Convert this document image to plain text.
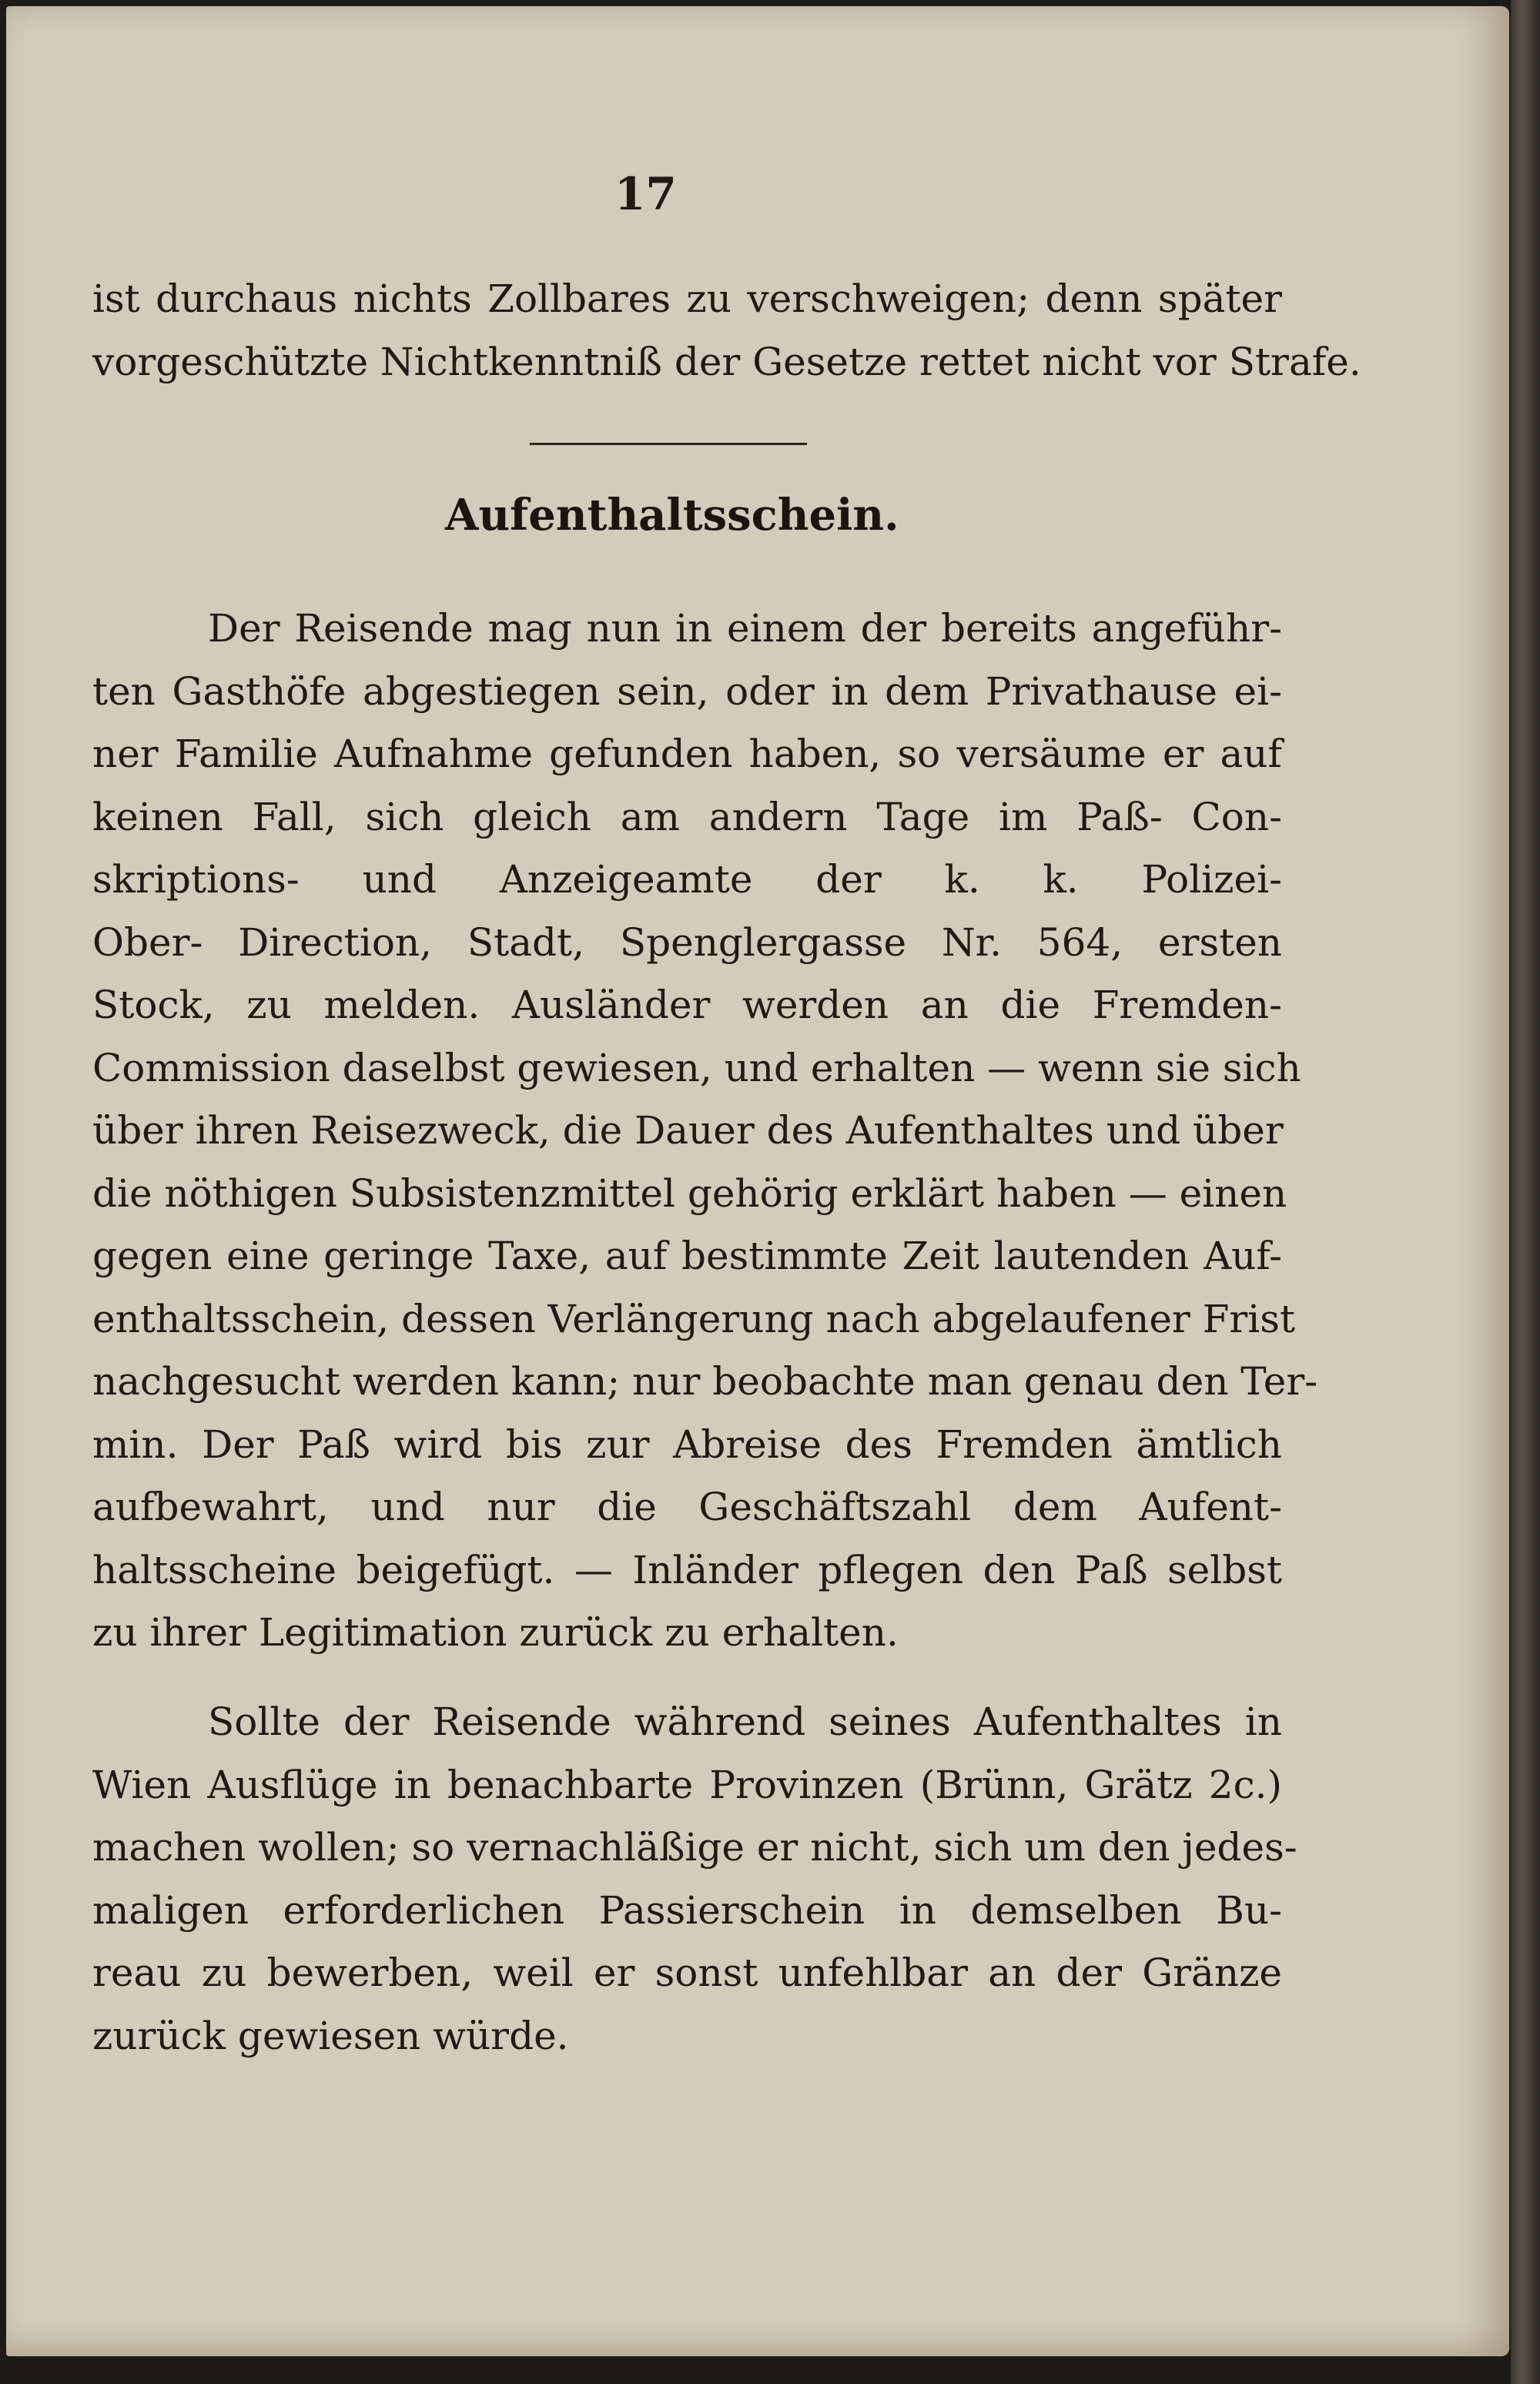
17
ist durchaus nichts Zollbares zu verschweigen; denn später
vorgeschützte Nichtkenntniß der Gesetze rettet nicht vor Strafe.
Aufenthaltsschein.
Der Reisende mag nun in einem der bereits angeführ-
ten Gasthöfe abgestiegen sein, oder in dem Privathause ei-
ner Familie Aufnahme gefunden haben, so versäume er auf
keinen Fall, sich gleich am andern Tage im Paß- Con-
skriptions- und Anzeigeamte der k. k. Polizei-
Ober- Direction, Stadt, Spenglergasse Nr. 564, ersten
Stock, zu melden. Ausländer werden an die Fremden-
Commission daselbst gewiesen, und erhalten — wenn sie sich
über ihren Reisezweck, die Dauer des Aufenthaltes und über
die nöthigen Subsistenzmittel gehörig erklärt haben — einen
gegen eine geringe Taxe, auf bestimmte Zeit lautenden Auf-
enthaltsschein, dessen Verlängerung nach abgelaufener Frist
nachgesucht werden kann; nur beobachte man genau den Ter-
min. Der Paß wird bis zur Abreise des Fremden ämtlich
aufbewahrt, und nur die Geschäftszahl dem Aufent-
haltsscheine beigefügt. — Inländer pflegen den Paß selbst
zu ihrer Legitimation zurück zu erhalten.
Sollte der Reisende während seines Aufenthaltes in
Wien Ausflüge in benachbarte Provinzen (Brünn, Grätz 2c.)
machen wollen; so vernachläßige er nicht, sich um den jedes-
maligen erforderlichen Passierschein in demselben Bu-
reau zu bewerben, weil er sonst unfehlbar an der Gränze
zurück gewiesen würde.
